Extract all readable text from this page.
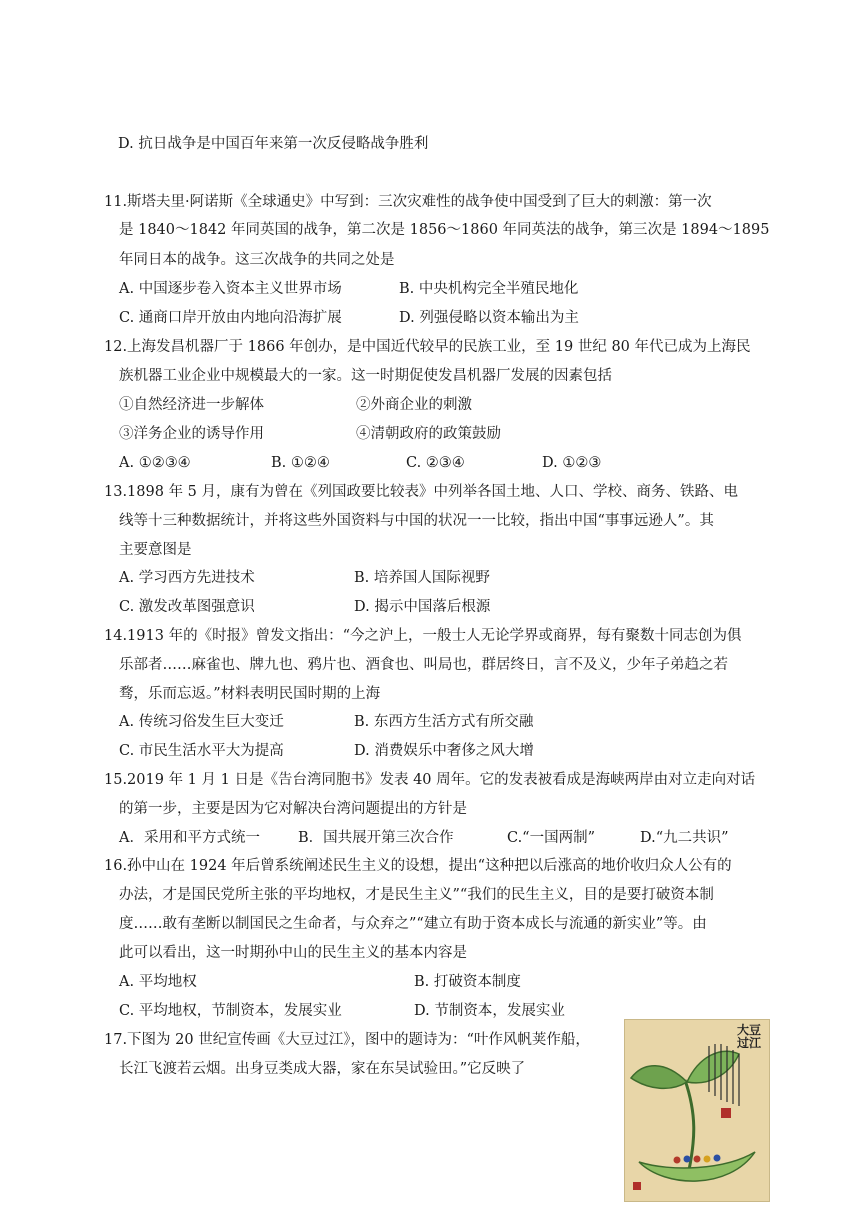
D. 抗日战争是中国百年来第一次反侵略战争胜利
11.斯塔夫里·阿诺斯《全球通史》中写到：三次灾难性的战争使中国受到了巨大的刺激：第一次
是 1840～1842 年同英国的战争，第二次是 1856～1860 年同英法的战争，第三次是 1894～1895
年同日本的战争。这三次战争的共同之处是
A. 中国逐步卷入资本主义世界市场	B. 中央机构完全半殖民地化
C. 通商口岸开放由内地向沿海扩展	D. 列强侵略以资本输出为主
12.上海发昌机器厂于 1866 年创办，是中国近代较早的民族工业，至 19 世纪 80 年代已成为上海民
族机器工业企业中规模最大的一家。这一时期促使发昌机器厂发展的因素包括
①自然经济进一步解体	②外商企业的刺激
③洋务企业的诱导作用	④清朝政府的政策鼓励
A. ①②③④	B. ①②④	C. ②③④	D. ①②③
13.1898 年 5 月，康有为曾在《列国政要比较表》中列举各国土地、人口、学校、商务、铁路、电
线等十三种数据统计，并将这些外国资料与中国的状况一一比较，指出中国“事事远逊人”。其
主要意图是
A. 学习西方先进技术	B. 培养国人国际视野
C. 激发改革图强意识	D. 揭示中国落后根源
14.1913 年的《时报》曾发文指出：“今之沪上，一般士人无论学界或商界，每有聚数十同志创为俱
乐部者……麻雀也、牌九也、鸦片也、酒食也、叫局也，群居终日，言不及义，少年子弟趋之若
骛，乐而忘返。”材料表明民国时期的上海
A. 传统习俗发生巨大变迁	B. 东西方生活方式有所交融
C. 市民生活水平大为提高	D. 消费娱乐中奢侈之风大增
15.2019 年 1 月 1 日是《告台湾同胞书》发表 40 周年。它的发表被看成是海峡两岸由对立走向对话
的第一步，主要是因为它对解决台湾问题提出的方针是
A．采用和平方式统一	B．国共展开第三次合作	C.“一国两制”	D.“九二共识”
16.孙中山在 1924 年后曾系统阐述民生主义的设想，提出“这种把以后涨高的地价收归众人公有的
办法，才是国民党所主张的平均地权，才是民生主义”“我们的民生主义，目的是要打破资本制
度……敢有垄断以制国民之生命者，与众弃之”“建立有助于资本成长与流通的新实业”等。由
此可以看出，这一时期孙中山的民生主义的基本内容是
A. 平均地权	B. 打破资本制度
C. 平均地权，节制资本，发展实业	D. 节制资本，发展实业
17.下图为 20 世纪宣传画《大豆过江》，图中的题诗为：“叶作风帆荚作船，
长江飞渡若云烟。出身豆类成大器，家在东吴试验田。”它反映了
大豆过江
